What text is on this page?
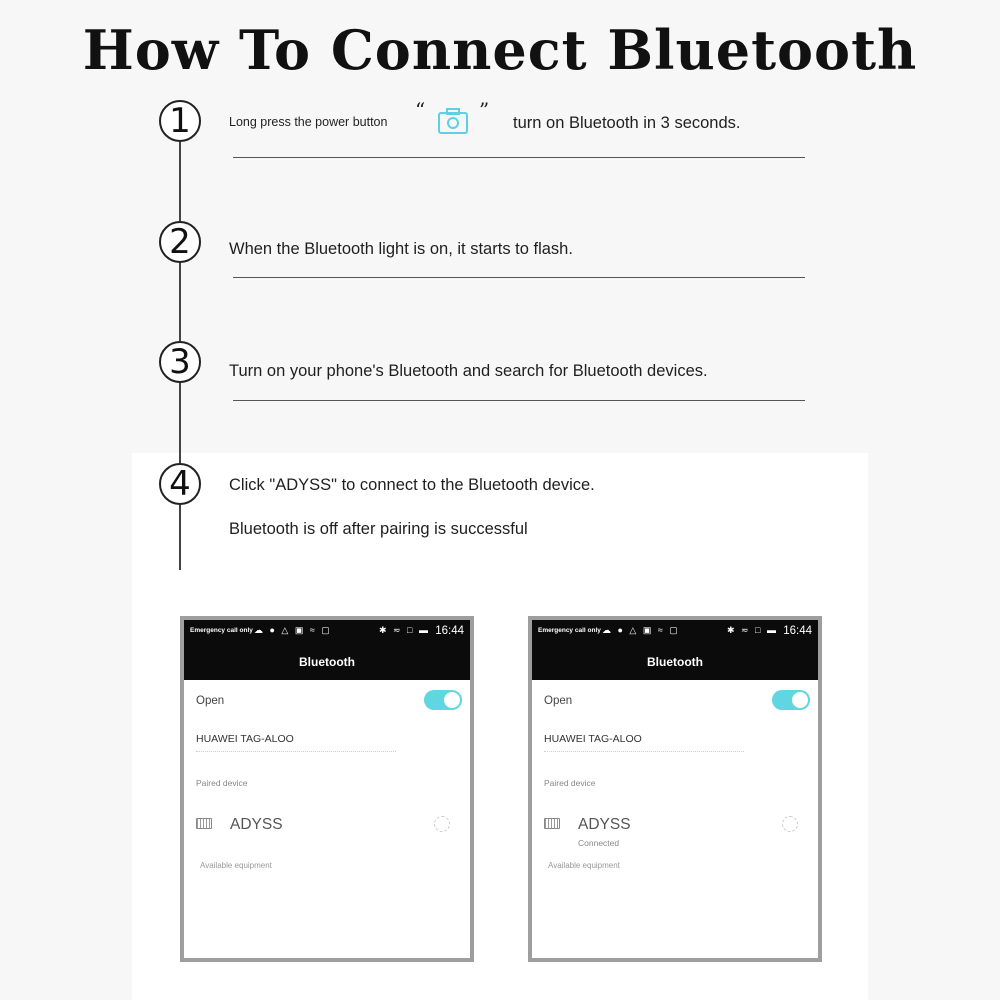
How To Connect Bluetooth
1	Long press the power button “	”
turn on Bluetooth in 3 seconds.
2	When the Bluetooth light is on, it starts to flash.
3	Turn on your phone's Bluetooth and search for Bluetooth devices.
4	Click "ADYSS" to connect to the Bluetooth device.
Bluetooth is off after pairing is successful
Emergency call only ☁ ● △ ▣ ≈ ▢	✱ ≂ □ ▬ 16:44
Bluetooth
Open
HUAWEI TAG-ALOO
Paired device
ADYSS
Available equipment
Emergency call only ☁ ● △ ▣ ≈ ▢	✱ ≂ □ ▬ 16:44
Bluetooth
Open
HUAWEI TAG-ALOO
Paired device
ADYSS
Connected
Available equipment
